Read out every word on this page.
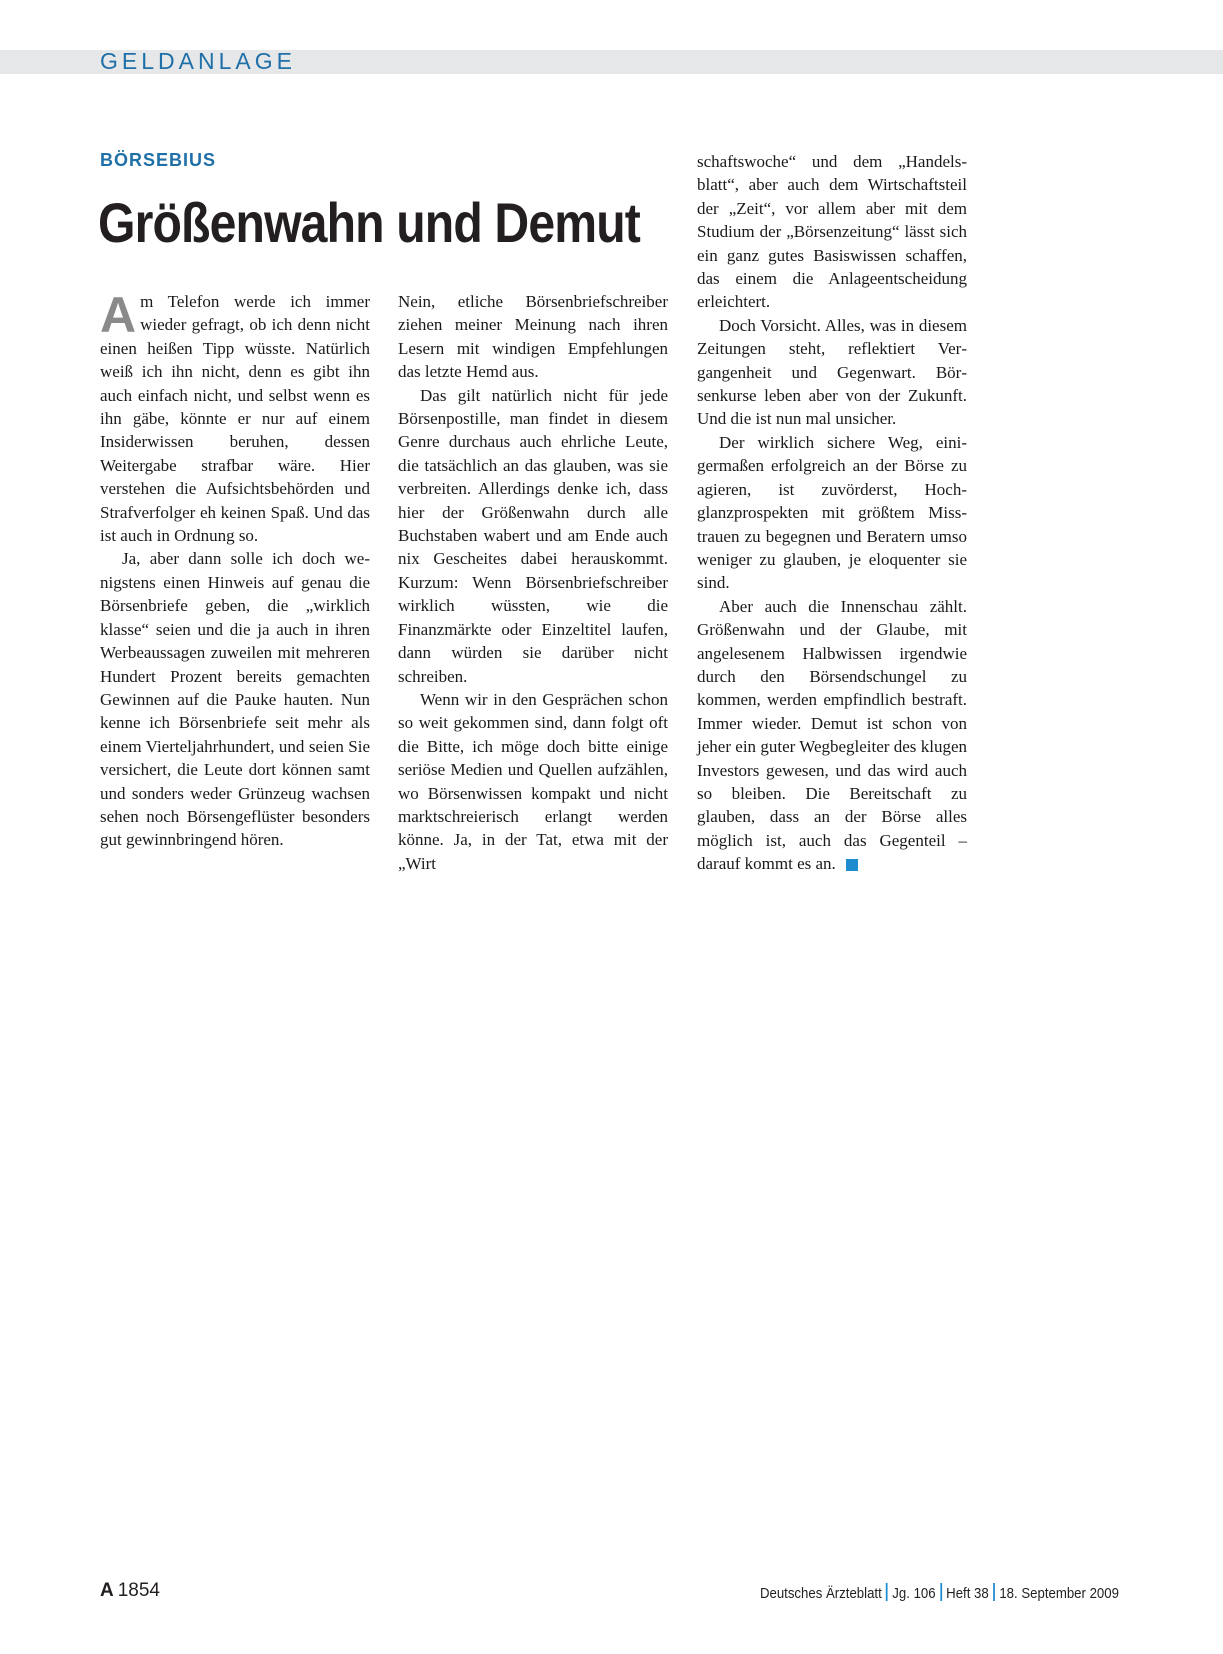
GELDANLAGE
BÖRSEBIUS
Größenwahn und Demut

Am Telefon werde ich immer wieder gefragt, ob ich denn nicht einen heißen Tipp wüsste. Natürlich weiß ich ihn nicht, denn es gibt ihn auch einfach nicht, und selbst wenn es ihn gäbe, könnte er nur auf einem Insiderwissen beruhen, dessen Weitergabe strafbar wäre. Hier verstehen die Aufsichtsbehörden und Strafverfolger eh keinen Spaß. Und das ist auch in Ordnung so.

Ja, aber dann solle ich doch wenigstens einen Hinweis auf genau die Börsenbriefe geben, die „wirklich klasse“ seien und die ja auch in ihren Werbeaussagen zuweilen mit mehreren Hundert Prozent bereits gemachten Gewinnen auf die Pauke hauten. Nun kenne ich Börsenbriefe seit mehr als einem Vierteljahrhundert, und seien Sie versichert, die Leute dort können samt und sonders weder Grünzeug wachsen sehen noch Börsengeflüster besonders gut gewinnbringend hören.

Nein, etliche Börsenbriefschreiber ziehen meiner Meinung nach ihren Lesern mit windigen Empfehlungen das letzte Hemd aus.

Das gilt natürlich nicht für jede Börsenpostille, man findet in diesem Genre durchaus auch ehrliche Leute, die tatsächlich an das glauben, was sie verbreiten. Allerdings denke ich, dass hier der Größenwahn durch alle Buchstaben wabert und am Ende auch nix Gescheites dabei herauskommt. Kurzum: Wenn Börsenbriefschreiber wirklich wüssten, wie die Finanzmärkte oder Einzeltitel laufen, dann würden sie darüber nicht schreiben.

Wenn wir in den Gesprächen schon so weit gekommen sind, dann folgt oft die Bitte, ich möge doch bitte einige seriöse Medien und Quellen aufzählen, wo Börsenwissen kompakt und nicht marktschreierisch erlangt werden könne. Ja, in der Tat, etwa mit der „Wirt

schaftswoche“ und dem „Handelsblatt“, aber auch dem Wirtschaftsteil der „Zeit“, vor allem aber mit dem Studium der „Börsenzeitung“ lässt sich ein ganz gutes Basiswissen schaffen, das einem die Anlageentscheidung erleichtert.

Doch Vorsicht. Alles, was in diesem Zeitungen steht, reflektiert Vergangenheit und Gegenwart. Börsenkurse leben aber von der Zukunft. Und die ist nun mal unsicher.

Der wirklich sichere Weg, einigermaßen erfolgreich an der Börse zu agieren, ist zuvörderst, Hochglanzprospekten mit größtem Misstrauen zu begegnen und Beratern umso weniger zu glauben, je eloquenter sie sind.

Aber auch die Innenschau zählt. Größenwahn und der Glaube, mit angelesenem Halbwissen irgendwie durch den Börsendschungel zu kommen, werden empfindlich bestraft. Immer wieder. Demut ist schon von jeher ein guter Wegbegleiter des klugen Investors gewesen, und das wird auch so bleiben. Die Bereitschaft zu glauben, dass an der Börse alles möglich ist, auch das Gegenteil – darauf kommt es an.

A 1854	Deutsches Ärzteblatt Jg. 106 Heft 38 18. September 2009
